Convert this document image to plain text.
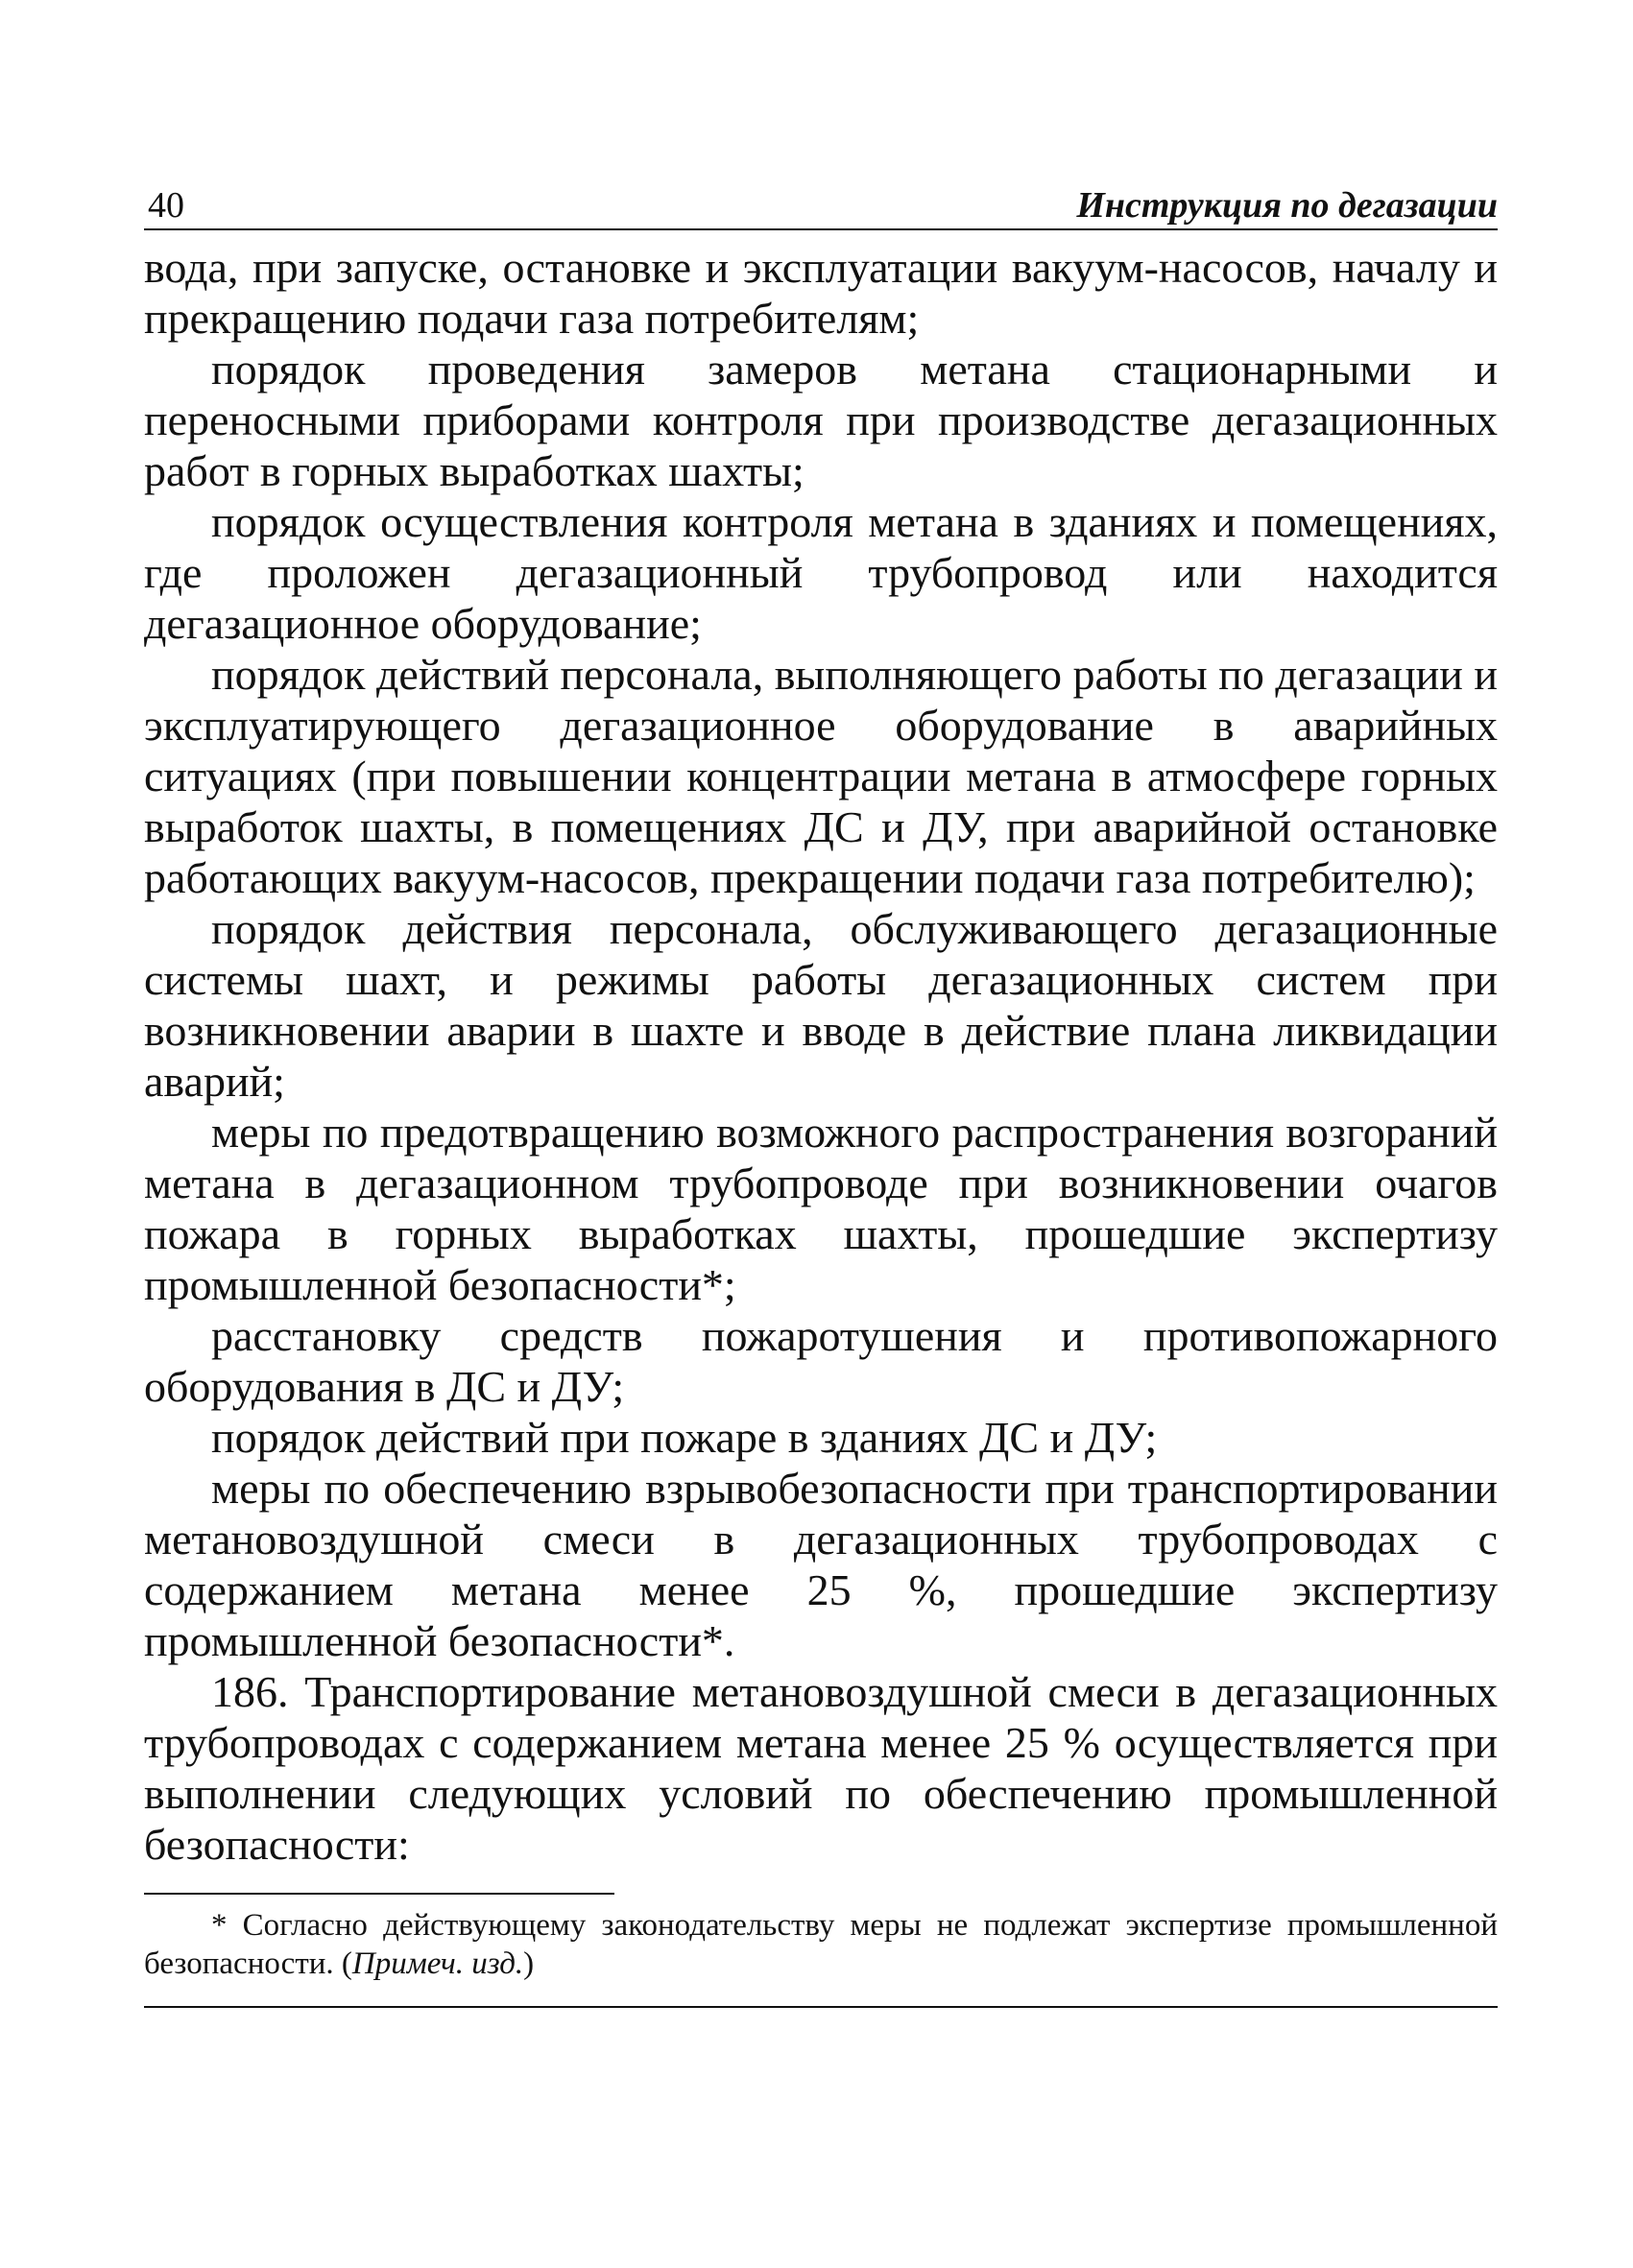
40	Инструкция по дегазации

вода, при запуске, остановке и эксплуатации вакуум-насосов, началу и прекращению подачи газа потребителям;

порядок проведения замеров метана стационарными и переносными приборами контроля при производстве дегазационных работ в горных выработках шахты;

порядок осуществления контроля метана в зданиях и помещениях, где проложен дегазационный трубопровод или находится дегазационное оборудование;

порядок действий персонала, выполняющего работы по дегазации и эксплуатирующего дегазационное оборудование в аварийных ситуациях (при повышении концентрации метана в атмосфере горных выработок шахты, в помещениях ДС и ДУ, при аварийной остановке работающих вакуум-насосов, прекращении подачи газа потребителю);

порядок действия персонала, обслуживающего дегазационные системы шахт, и режимы работы дегазационных систем при возникновении аварии в шахте и вводе в действие плана ликвидации аварий;

меры по предотвращению возможного распространения возгораний метана в дегазационном трубопроводе при возникновении очагов пожара в горных выработках шахты, прошедшие экспертизу промышленной безопасности*;

расстановку средств пожаротушения и противопожарного оборудования в ДС и ДУ;

порядок действий при пожаре в зданиях ДС и ДУ;

меры по обеспечению взрывобезопасности при транспортировании метановоздушной смеси в дегазационных трубопроводах с содержанием метана менее 25 %, прошедшие экспертизу промышленной безопасности*.

186. Транспортирование метановоздушной смеси в дегазационных трубопроводах с содержанием метана менее 25 % осуществляется при выполнении следующих условий по обеспечению промышленной безопасности:

* Согласно действующему законодательству меры не подлежат экспертизе промышленной безопасности. (Примеч. изд.)
